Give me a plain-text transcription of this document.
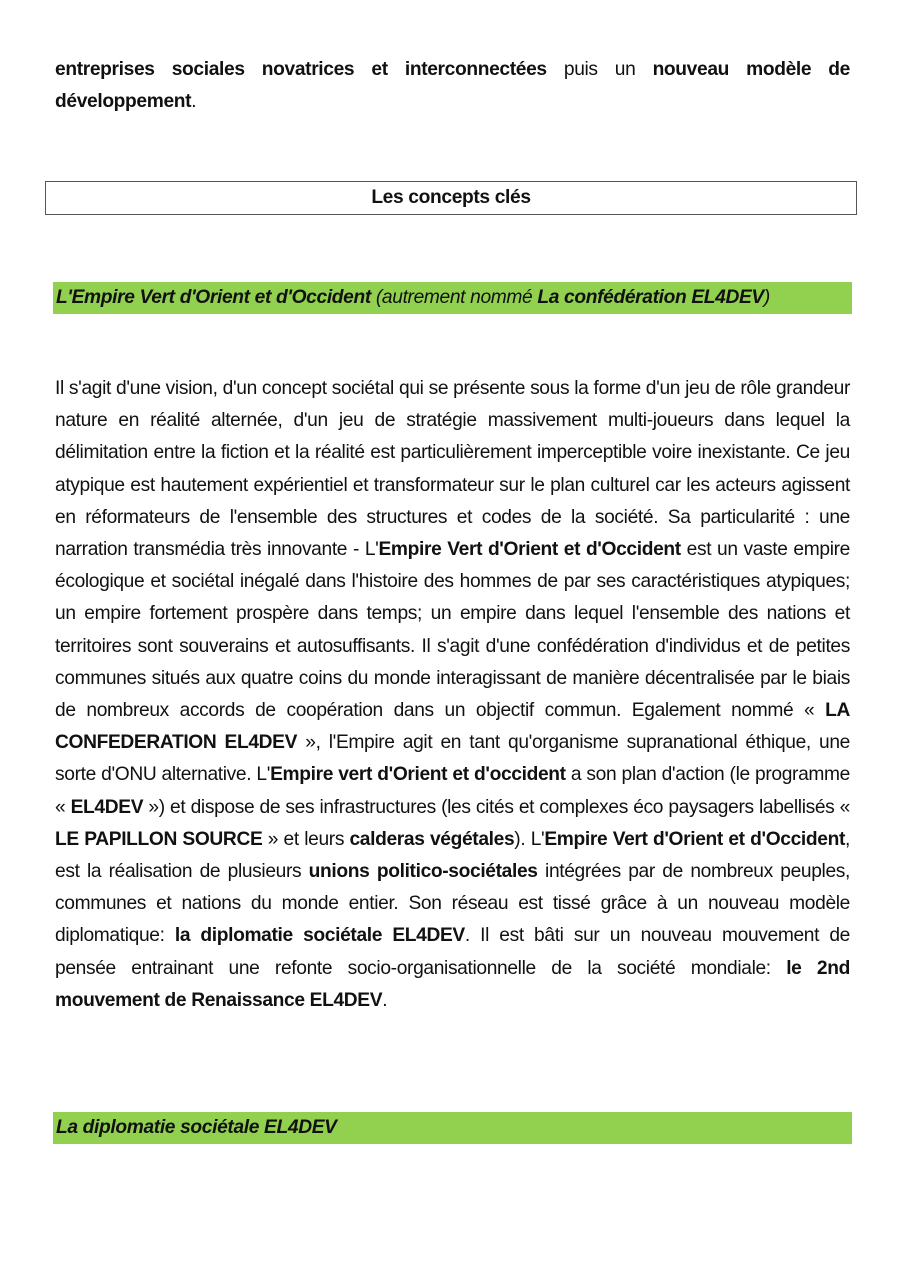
entreprises sociales novatrices et interconnectées puis un nouveau modèle de développement.

Les concepts clés
L'Empire Vert d'Orient et d'Occident (autrement nommé La confédération EL4DEV)

Il s'agit d'une vision, d'un concept sociétal qui se présente sous la forme d'un jeu de rôle grandeur nature en réalité alternée, d'un jeu de stratégie massivement multi-joueurs dans lequel la délimitation entre la fiction et la réalité est particulièrement imperceptible voire inexistante. Ce jeu atypique est hautement expérientiel et transformateur sur le plan culturel car les acteurs agissent en réformateurs de l'ensemble des structures et codes de la société. Sa particularité : une narration transmédia très innovante - L'Empire Vert d'Orient et d'Occident est un vaste empire écologique et sociétal inégalé dans l'histoire des hommes de par ses caractéristiques atypiques; un empire fortement prospère dans temps; un empire dans lequel l'ensemble des nations et territoires sont souverains et autosuffisants. Il s'agit d'une confédération d'individus et de petites communes situés aux quatre coins du monde interagissant de manière décentralisée par le biais de nombreux accords de coopération dans un objectif commun. Egalement nommé « LA CONFEDERATION EL4DEV », l'Empire agit en tant qu'organisme supranational éthique, une sorte d'ONU alternative. L'Empire vert d'Orient et d'occident a son plan d'action (le programme « EL4DEV ») et dispose de ses infrastructures (les cités et complexes éco paysagers labellisés « LE PAPILLON SOURCE » et leurs calderas végétales). L'Empire Vert d'Orient et d'Occident, est la réalisation de plusieurs unions politico-sociétales intégrées par de nombreux peuples, communes et nations du monde entier. Son réseau est tissé grâce à un nouveau modèle diplomatique: la diplomatie sociétale EL4DEV. Il est bâti sur un nouveau mouvement de pensée entrainant une refonte socio-organisationnelle de la société mondiale: le 2nd mouvement de Renaissance EL4DEV.

La diplomatie sociétale EL4DEV
